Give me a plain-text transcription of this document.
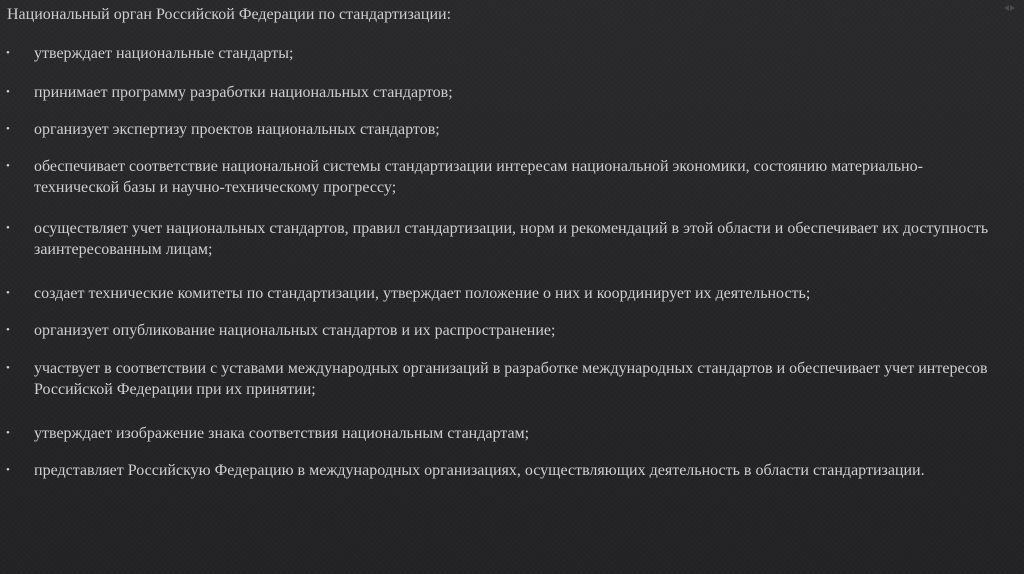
Национальный орган Российской Федерации по стандартизации:
• утверждает национальные стандарты;
• принимает программу разработки национальных стандартов;
• организует экспертизу проектов национальных стандартов;
• обеспечивает соответствие национальной системы стандартизации интересам национальной экономики, состоянию материально-технической базы и научно-техническому прогрессу;
• осуществляет учет национальных стандартов, правил стандартизации, норм и рекомендаций в этой области и обеспечивает их доступность заинтересованным лицам;
• создает технические комитеты по стандартизации, утверждает положение о них и координирует их деятельность;
• организует опубликование национальных стандартов и их распространение;
• участвует в соответствии с уставами международных организаций в разработке международных стандартов и обеспечивает учет интересов Российской Федерации при их принятии;
• утверждает изображение знака соответствия национальным стандартам;
• представляет Российскую Федерацию в международных организациях, осуществляющих деятельность в области стандартизации.
